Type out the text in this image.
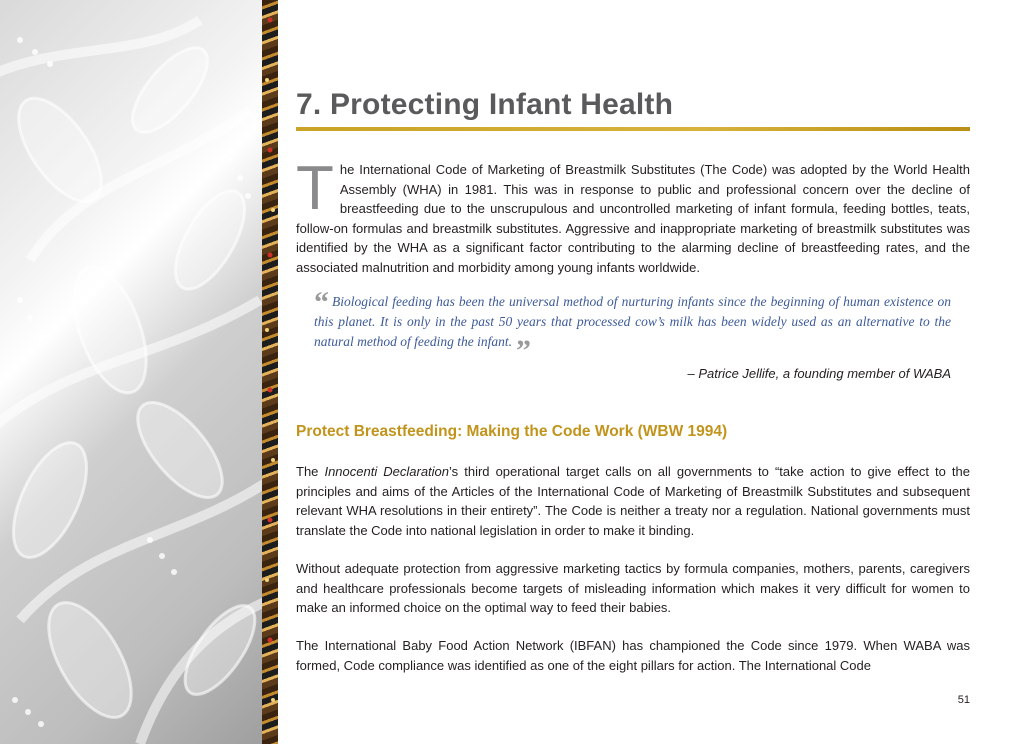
7. Protecting Infant Health
The International Code of Marketing of Breastmilk Substitutes (The Code) was adopted by the World Health Assembly (WHA) in 1981. This was in response to public and professional concern over the decline of breastfeeding due to the unscrupulous and uncontrolled marketing of infant formula, feeding bottles, teats, follow-on formulas and breastmilk substitutes. Aggressive and inappropriate marketing of breastmilk substitutes was identified by the WHA as a significant factor contributing to the alarming decline of breastfeeding rates, and the associated malnutrition and morbidity among young infants worldwide.
“ Biological feeding has been the universal method of nurturing infants since the beginning of human existence on this planet. It is only in the past 50 years that processed cow’s milk has been widely used as an alternative to the natural method of feeding the infant. ”
– Patrice Jellife, a founding member of WABA
Protect Breastfeeding: Making the Code Work (WBW 1994)

The Innocenti Declaration’s third operational target calls on all governments to “take action to give effect to the principles and aims of the Articles of the International Code of Marketing of Breastmilk Substitutes and subsequent relevant WHA resolutions in their entirety”. The Code is neither a treaty nor a regulation. National governments must translate the Code into national legislation in order to make it binding.

Without adequate protection from aggressive marketing tactics by formula companies, mothers, parents, caregivers and healthcare professionals become targets of misleading information which makes it very difficult for women to make an informed choice on the optimal way to feed their babies.

The International Baby Food Action Network (IBFAN) has championed the Code since 1979. When WABA was formed, Code compliance was identified as one of the eight pillars for action. The International Code

51
